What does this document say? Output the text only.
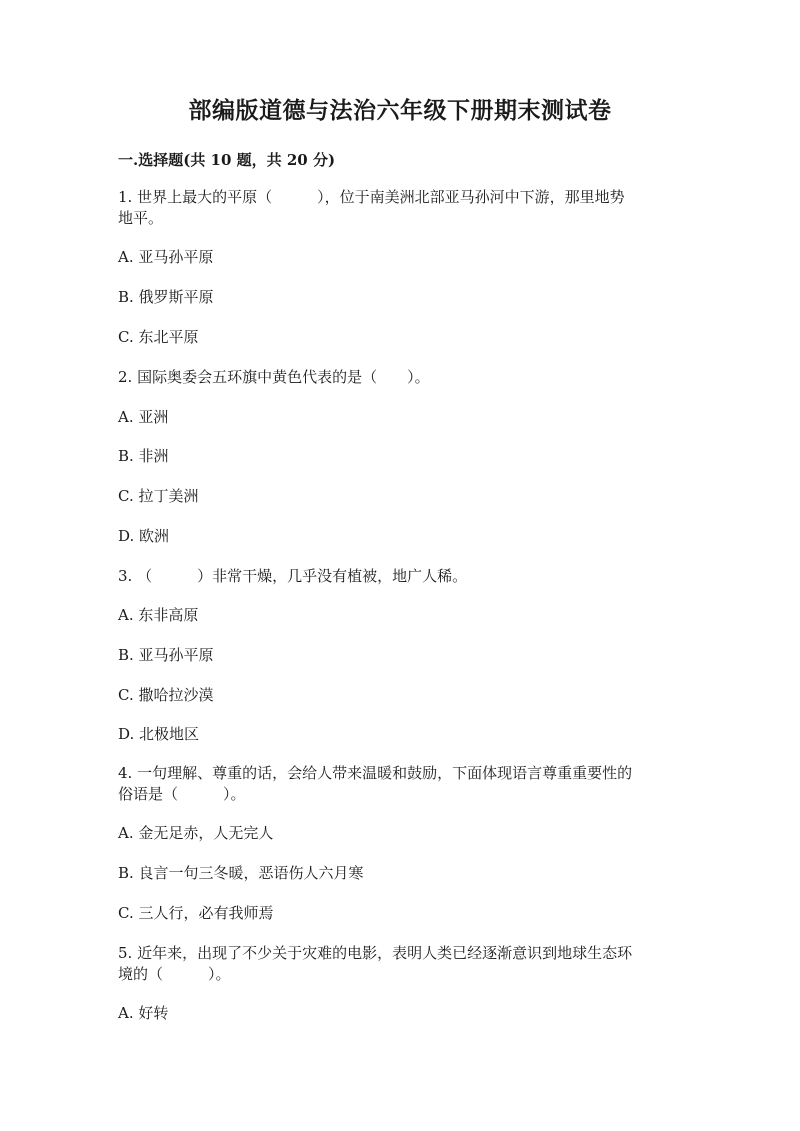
部编版道德与法治六年级下册期末测试卷
一.选择题(共 10 题，共 20 分)
1. 世界上最大的平原（　　　），位于南美洲北部亚马孙河中下游，那里地势
地平。
A. 亚马孙平原
B. 俄罗斯平原
C. 东北平原
2. 国际奥委会五环旗中黄色代表的是（　　）。
A. 亚洲
B. 非洲
C. 拉丁美洲
D. 欧洲
3. （　　　）非常干燥，几乎没有植被，地广人稀。
A. 东非高原
B. 亚马孙平原
C. 撒哈拉沙漠
D. 北极地区
4. 一句理解、尊重的话，会给人带来温暖和鼓励，下面体现语言尊重重要性的
俗语是（　　　）。
A. 金无足赤，人无完人
B. 良言一句三冬暖，恶语伤人六月寒
C. 三人行，必有我师焉
5. 近年来，出现了不少关于灾难的电影，表明人类已经逐渐意识到地球生态环
境的（　　　）。
A. 好转
